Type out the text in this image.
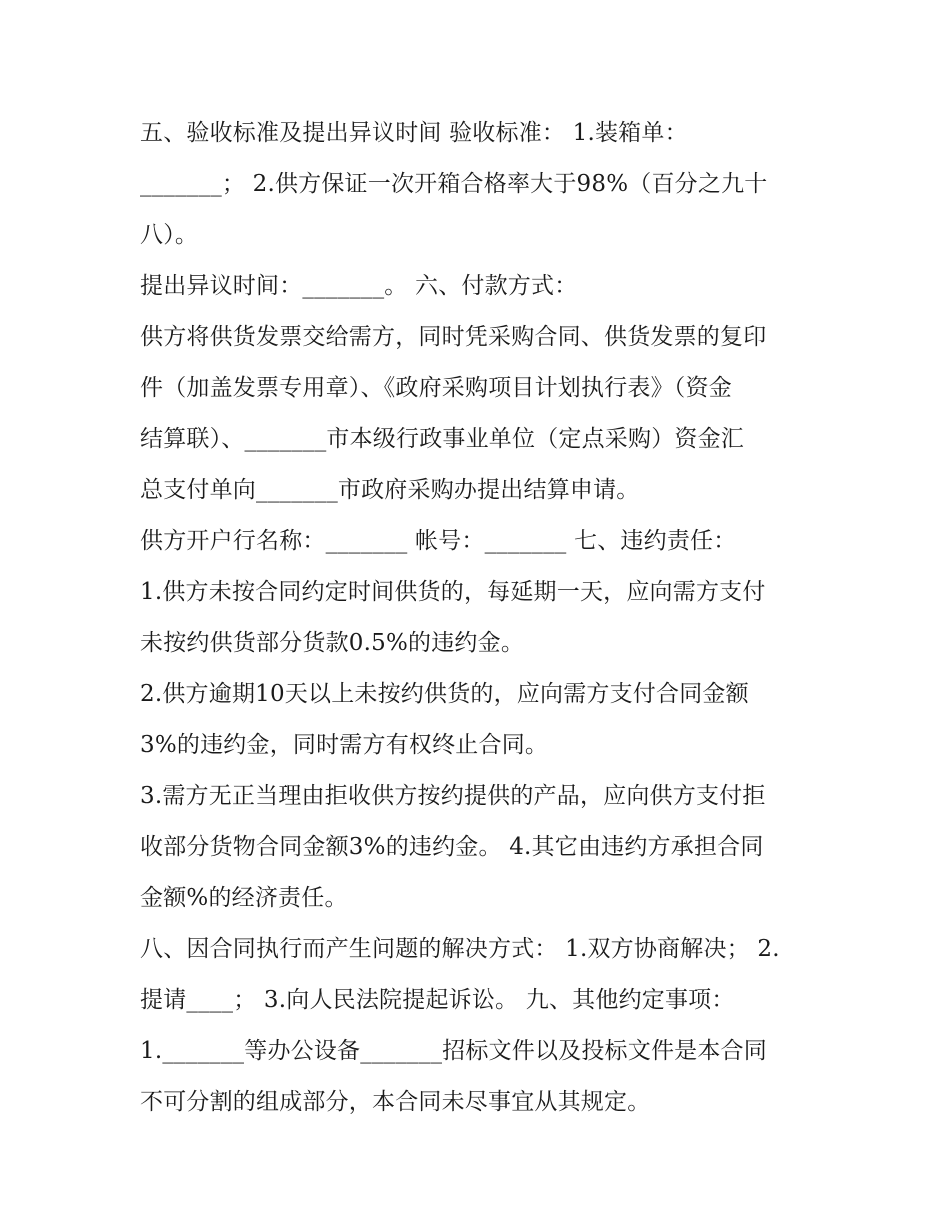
五、验收标准及提出异议时间 验收标准： 1.装箱单：
_______； 2.供方保证一次开箱合格率大于98%（百分之九十
八）。
提出异议时间：_______。 六、付款方式：
供方将供货发票交给需方，同时凭采购合同、供货发票的复印
件（加盖发票专用章）、《政府采购项目计划执行表》（资金
结算联）、_______市本级行政事业单位（定点采购）资金汇
总支付单向_______市政府采购办提出结算申请。
供方开户行名称：_______ 帐号：_______ 七、违约责任：
1.供方未按合同约定时间供货的，每延期一天，应向需方支付
未按约供货部分货款0.5%的违约金。
2.供方逾期10天以上未按约供货的，应向需方支付合同金额
3%的违约金，同时需方有权终止合同。
3.需方无正当理由拒收供方按约提供的产品，应向供方支付拒
收部分货物合同金额3%的违约金。 4.其它由违约方承担合同
金额%的经济责任。
八、因合同执行而产生问题的解决方式： 1.双方协商解决； 2.
提请____； 3.向人民法院提起诉讼。 九、其他约定事项：
1._______等办公设备_______招标文件以及投标文件是本合同
不可分割的组成部分，本合同未尽事宜从其规定。
